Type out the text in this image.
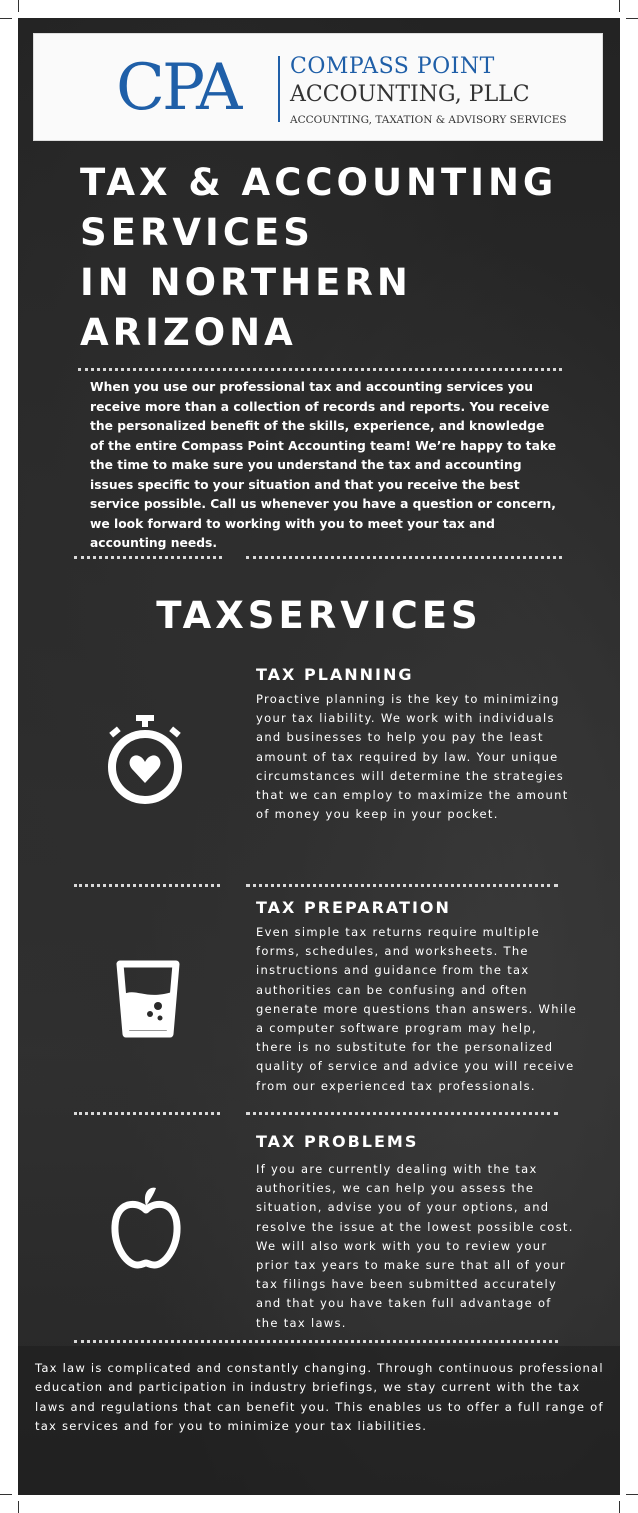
CPA COMPASS POINT
ACCOUNTING, PLLC
ACCOUNTING, TAXATION & ADVISORY SERVICES
TAX & ACCOUNTING
SERVICES
IN NORTHERN
ARIZONA
When you use our professional tax and accounting services you receive more than a collection of records and reports. You receive the personalized benefit of the skills, experience, and knowledge of the entire Compass Point Accounting team! We’re happy to take the time to make sure you understand the tax and accounting issues specific to your situation and that you receive the best service possible. Call us whenever you have a question or concern, we look forward to working with you to meet your tax and accounting needs.
TAXSERVICES
TAX PLANNING
Proactive planning is the key to minimizing your tax liability. We work with individuals and businesses to help you pay the least amount of tax required by law. Your unique circumstances will determine the strategies that we can employ to maximize the amount of money you keep in your pocket.
TAX PREPARATION
Even simple tax returns require multiple forms, schedules, and worksheets. The instructions and guidance from the tax authorities can be confusing and often generate more questions than answers. While a computer software program may help, there is no substitute for the personalized quality of service and advice you will receive from our experienced tax professionals.
TAX PROBLEMS
If you are currently dealing with the tax authorities, we can help you assess the situation, advise you of your options, and resolve the issue at the lowest possible cost. We will also work with you to review your prior tax years to make sure that all of your tax filings have been submitted accurately and that you have taken full advantage of the tax laws.
Tax law is complicated and constantly changing. Through continuous professional education and participation in industry briefings, we stay current with the tax laws and regulations that can benefit you. This enables us to offer a full range of tax services and for you to minimize your tax liabilities.
